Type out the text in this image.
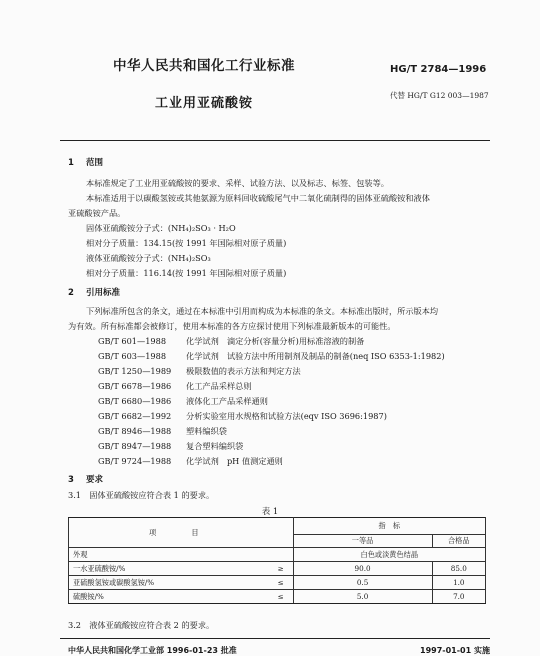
中华人民共和国化工行业标准	HG/T 2784—1996
工业用亚硫酸铵
代替 HG/T G12 003—1987
1 范围
本标准规定了工业用亚硫酸铵的要求、采样、试验方法、以及标志、标签、包装等。
本标准适用于以碳酸氢铵或其他氨源为原料回收硫酸尾气中二氧化硫制得的固体亚硫酸铵和液体
亚硫酸铵产品。
固体亚硫酸铵分子式：(NH₄)₂SO₃ · H₂O
相对分子质量：134.15(按 1991 年国际相对原子质量)
液体亚硫酸铵分子式：(NH₄)₂SO₃
相对分子质量：116.14(按 1991 年国际相对原子质量)
2 引用标准
下列标准所包含的条文，通过在本标准中引用而构成为本标准的条文。本标准出版时，所示版本均
为有效。所有标准都会被修订，使用本标准的各方应探讨使用下列标准最新版本的可能性。
GB/T 601—1988 化学试剂　滴定分析(容量分析)用标准溶液的制备
GB/T 603—1988 化学试剂　试验方法中所用制剂及制品的制备(neq ISO 6353-1:1982)
GB/T 1250—1989 极限数值的表示方法和判定方法
GB/T 6678—1986 化工产品采样总则
GB/T 6680—1986 液体化工产品采样通则
GB/T 6682—1992 分析实验室用水规格和试验方法(eqv ISO 3696:1987)
GB/T 8946—1988 塑料编织袋
GB/T 8947—1988 复合塑料编织袋
GB/T 9724—1988 化学试剂　pH 值测定通则
3 要求
3.1　固体亚硫酸铵应符合表 1 的要求。
表 1
项　目		指　标	
		一等品	合格品
外观		白色或淡黄色结晶	
一水亚硫酸铵/%	≥	90.0	85.0
亚硫酸氢铵或碳酸氢铵/%	≤	0.5	1.0
硫酸铵/%	≤	5.0	7.0
3.2　液体亚硫酸铵应符合表 2 的要求。
中华人民共和国化学工业部 1996-01-23 批准	1997-01-01 实施
